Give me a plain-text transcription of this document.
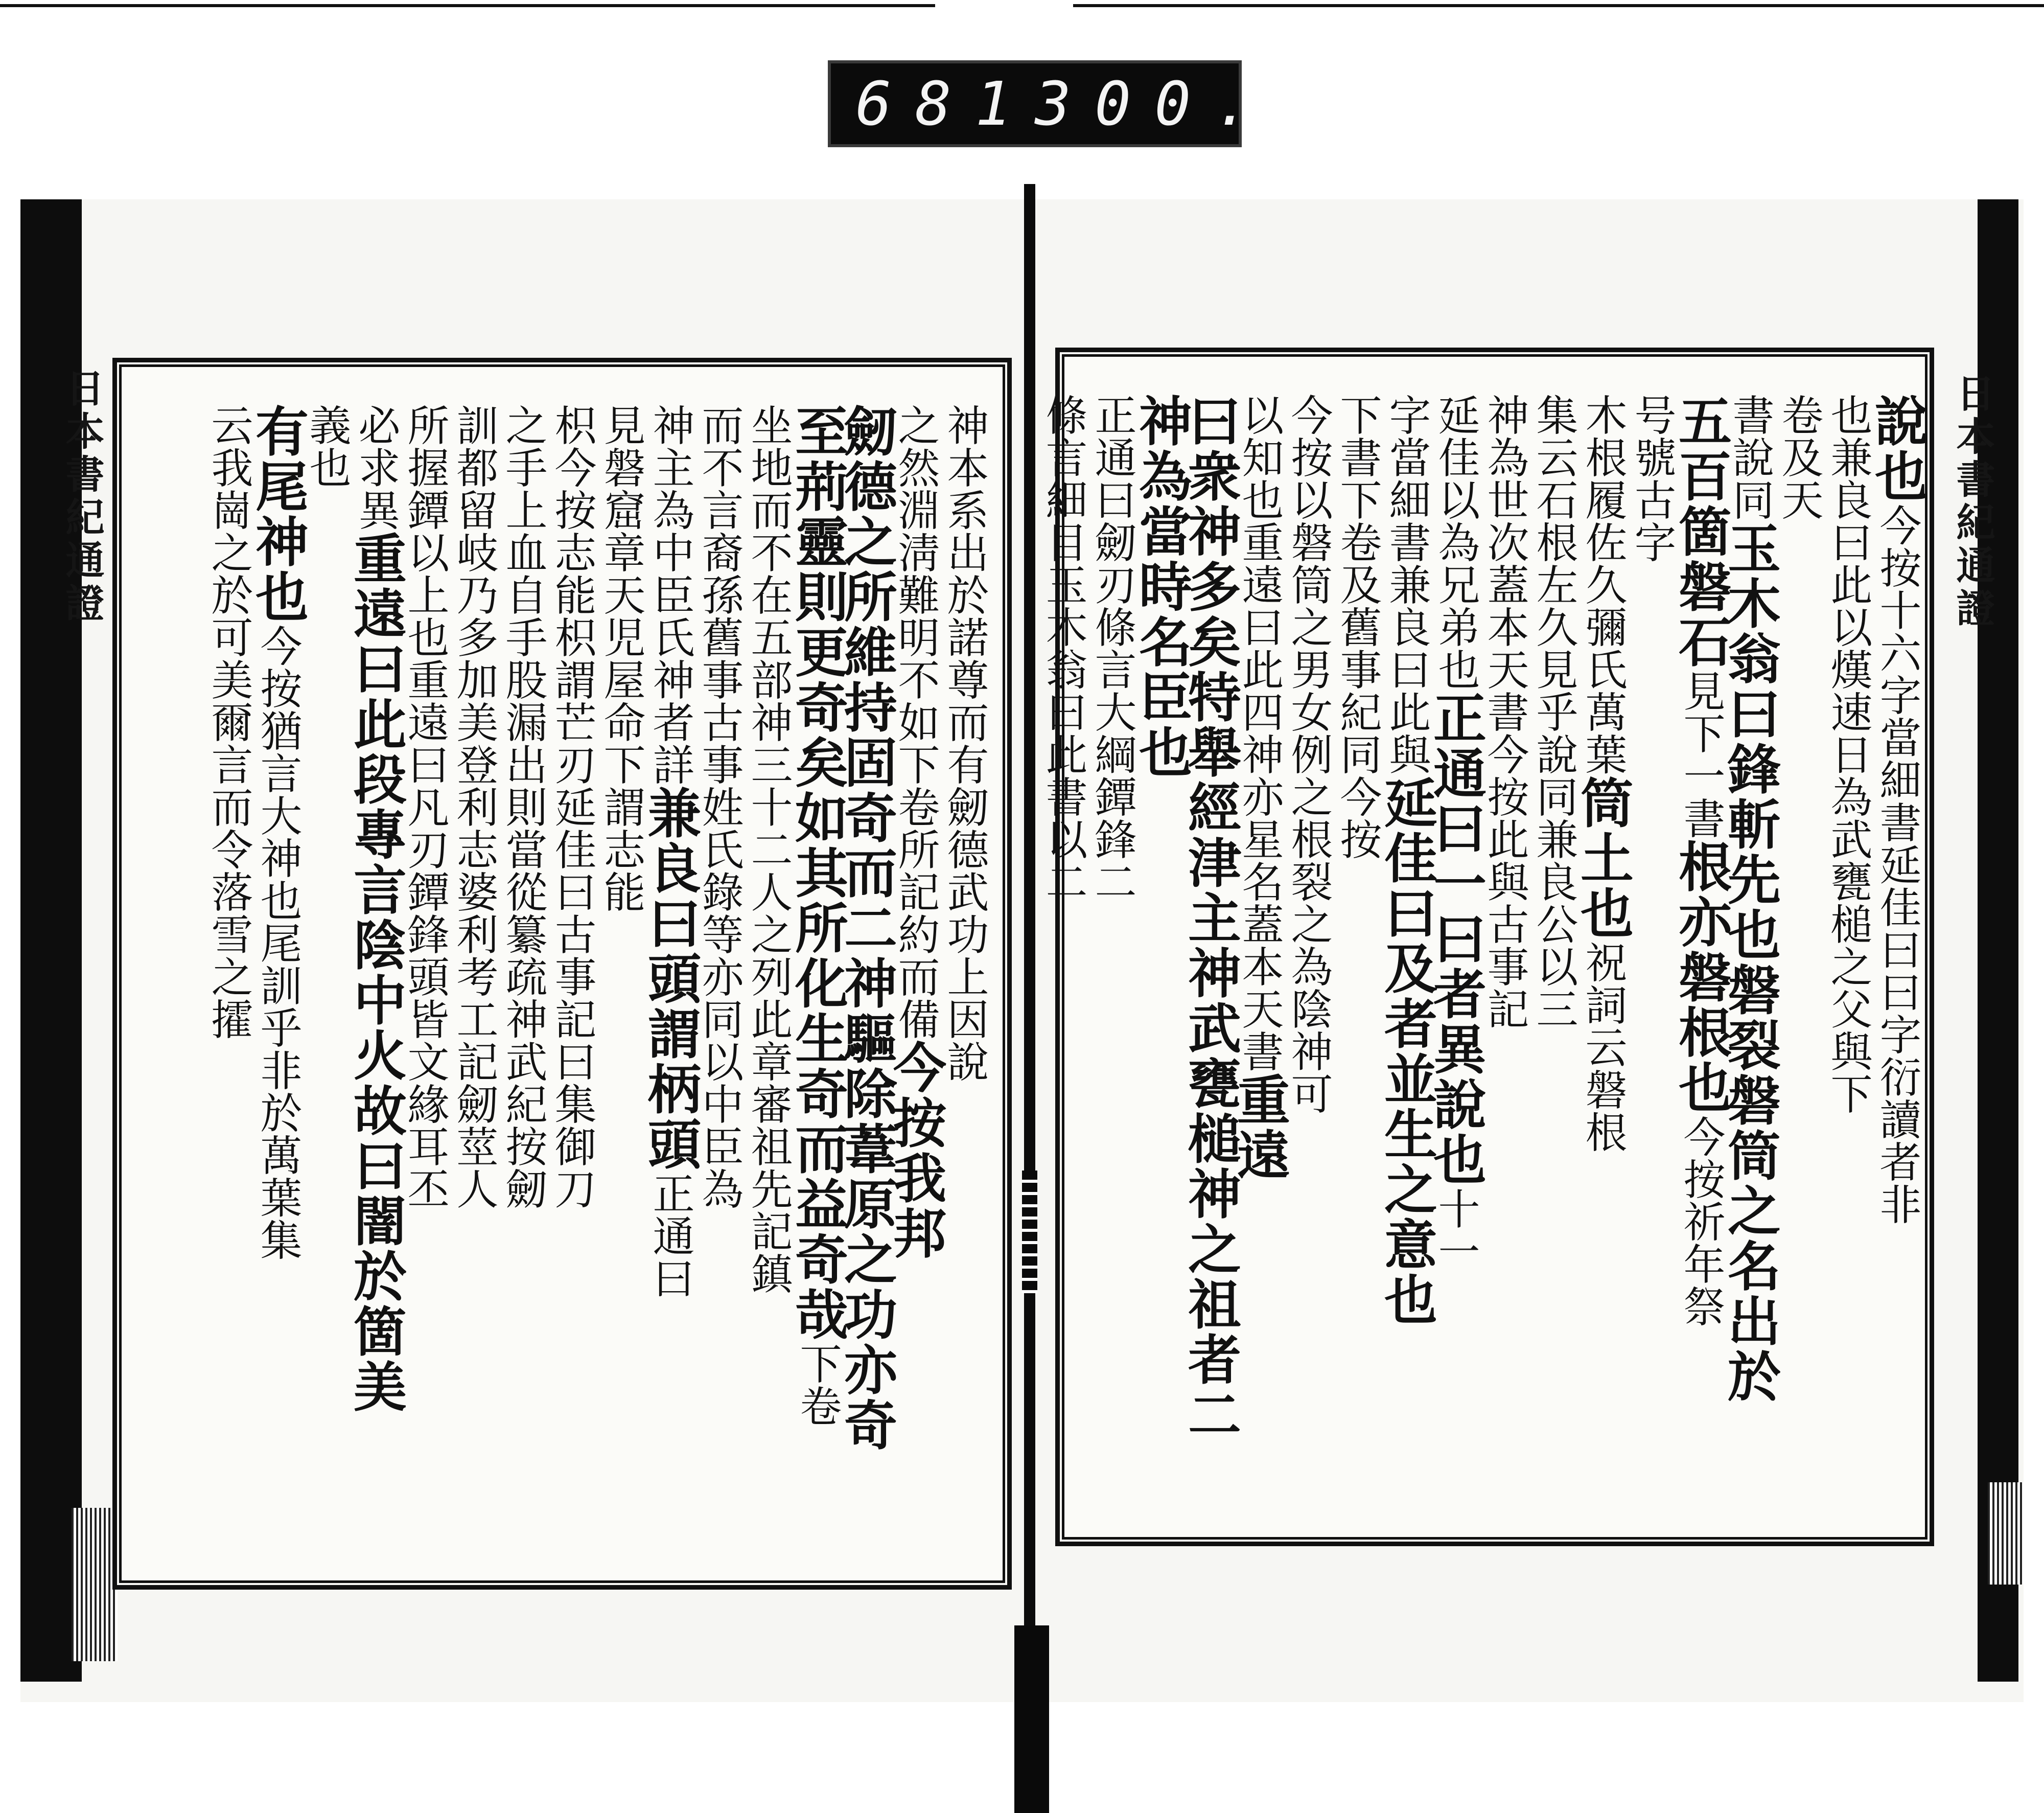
681 300.
日本書紀通證	日本書紀通證
說也今按十六字當細書延佳曰曰字衍讀者非
也兼良曰此以熯速日為武甕槌之父與下
卷及天
書說同玉木翁曰鋒斬先也磐裂磐筒之名出於
五百箇磐石見下一書根亦磐根也今按祈年祭
号號古字
木根履佐久彌氏萬葉筒土也祝詞云磐根
集云石根左久見乎說同兼良公以三
神為世次蓋本天書今按此與古事記
延佳以為兄弟也正通曰一曰者異說也十一
字當細書兼良曰此與延佳曰及者並生之意也
下書下卷及舊事紀同今按
今按以磐筒之男女例之根裂之為陰神可
以知也重遠曰此四神亦星名蓋本天書重遠
曰衆神多矣特舉經津主神武甕槌神之祖者二
神為當時名臣也
正通曰劒刃條言大綱鐔鋒二
條言細目玉木翁曰此書以二
神本系出於諾尊而有劒德武功上因說
之然淵淸難明不如下卷所記約而備今按我邦
劒德之所維持固奇而二神驅除葦原之功亦奇
至荊靈則更奇矣如其所化生奇而益奇哉下卷
坐地而不在五部神三十二人之列此章審祖先記鎮
而不言裔孫舊事古事姓氏錄等亦同以中臣為
神主為中臣氏神者詳兼良曰頭謂柄頭正通曰
見磐窟章天児屋命下謂志能
枳今按志能枳謂芒刃延佳曰古事記曰集御刀
之手上血自手股漏出則當從纂疏神武紀按劒
訓都留岐乃多加美登利志婆利考工記劒莖人
所握鐔以上也重遠曰凡刃鐔鋒頭皆文緣耳丕
必求異重遠曰此段專言陰中火故曰闇於箇美
義也
有尾神也今按猶言大神也尾訓乎非於萬葉集
云我崗之於可美爾言而令落雪之攉
